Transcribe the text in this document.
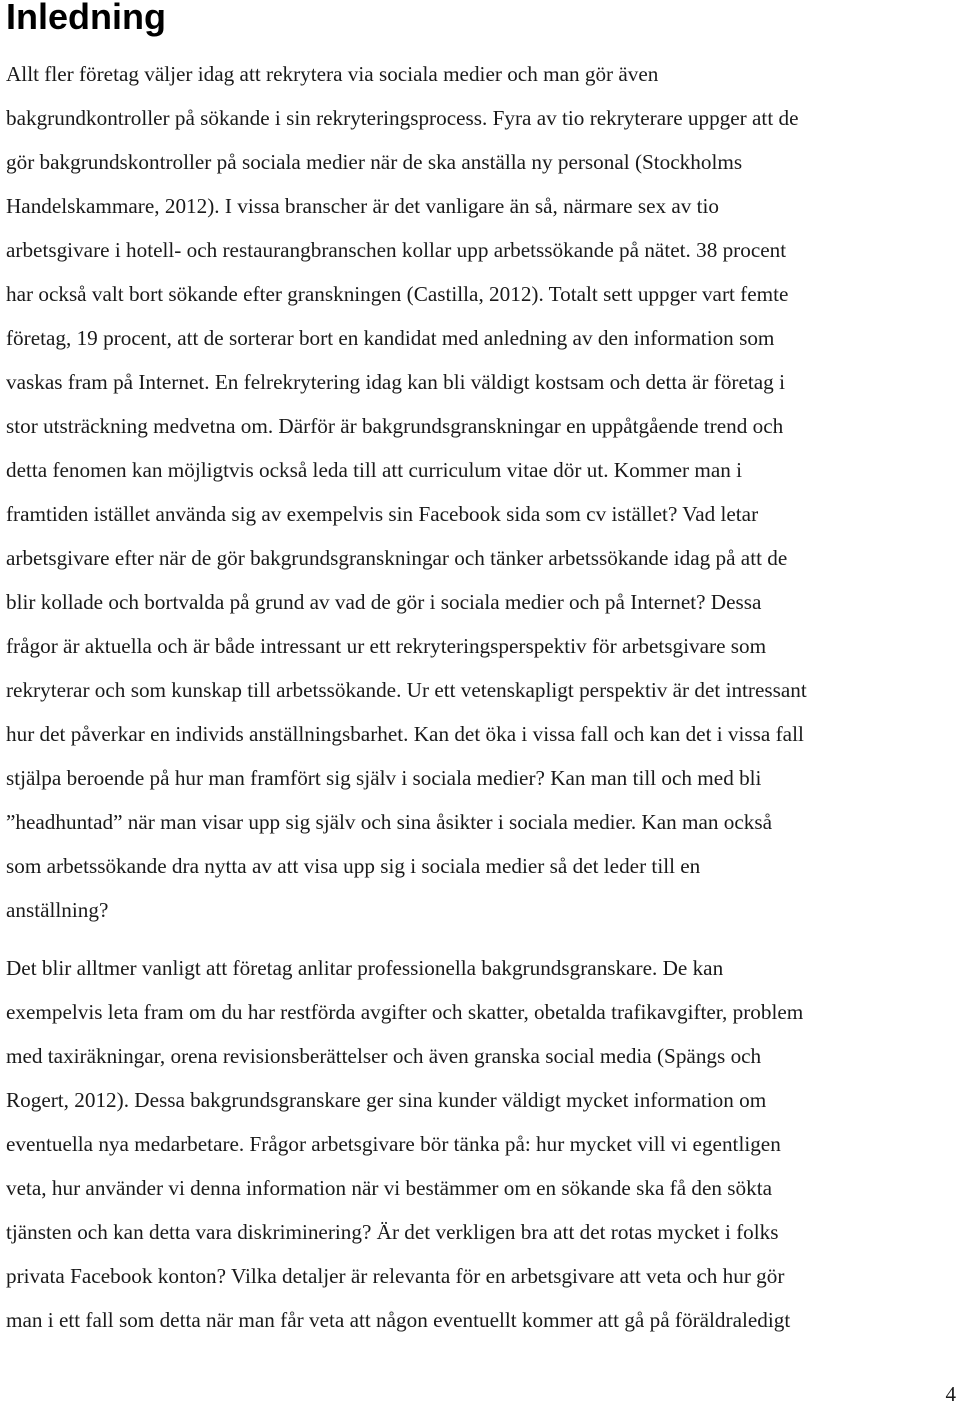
Inledning
Allt fler företag väljer idag att rekrytera via sociala medier och man gör även
bakgrundkontroller på sökande i sin rekryteringsprocess. Fyra av tio rekryterare uppger att de
gör bakgrundskontroller på sociala medier när de ska anställa ny personal (Stockholms
Handelskammare, 2012). I vissa branscher är det vanligare än så, närmare sex av tio
arbetsgivare i hotell- och restaurangbranschen kollar upp arbetssökande på nätet. 38 procent
har också valt bort sökande efter granskningen (Castilla, 2012). Totalt sett uppger vart femte
företag, 19 procent, att de sorterar bort en kandidat med anledning av den information som
vaskas fram på Internet. En felrekrytering idag kan bli väldigt kostsam och detta är företag i
stor utsträckning medvetna om. Därför är bakgrundsgranskningar en uppåtgående trend och
detta fenomen kan möjligtvis också leda till att curriculum vitae dör ut. Kommer man i
framtiden istället använda sig av exempelvis sin Facebook sida som cv istället? Vad letar
arbetsgivare efter när de gör bakgrundsgranskningar och tänker arbetssökande idag på att de
blir kollade och bortvalda på grund av vad de gör i sociala medier och på Internet? Dessa
frågor är aktuella och är både intressant ur ett rekryteringsperspektiv för arbetsgivare som
rekryterar och som kunskap till arbetssökande. Ur ett vetenskapligt perspektiv är det intressant
hur det påverkar en individs anställningsbarhet. Kan det öka i vissa fall och kan det i vissa fall
stjälpa beroende på hur man framfört sig själv i sociala medier? Kan man till och med bli
”headhuntad” när man visar upp sig själv och sina åsikter i sociala medier. Kan man också
som arbetssökande dra nytta av att visa upp sig i sociala medier så det leder till en
anställning?
Det blir alltmer vanligt att företag anlitar professionella bakgrundsgranskare. De kan
exempelvis leta fram om du har restförda avgifter och skatter, obetalda trafikavgifter, problem
med taxiräkningar, orena revisionsberättelser och även granska social media (Spängs och
Rogert, 2012). Dessa bakgrundsgranskare ger sina kunder väldigt mycket information om
eventuella nya medarbetare. Frågor arbetsgivare bör tänka på: hur mycket vill vi egentligen
veta, hur använder vi denna information när vi bestämmer om en sökande ska få den sökta
tjänsten och kan detta vara diskriminering? Är det verkligen bra att det rotas mycket i folks
privata Facebook konton? Vilka detaljer är relevanta för en arbetsgivare att veta och hur gör
man i ett fall som detta när man får veta att någon eventuellt kommer att gå på föräldraledigt
4
